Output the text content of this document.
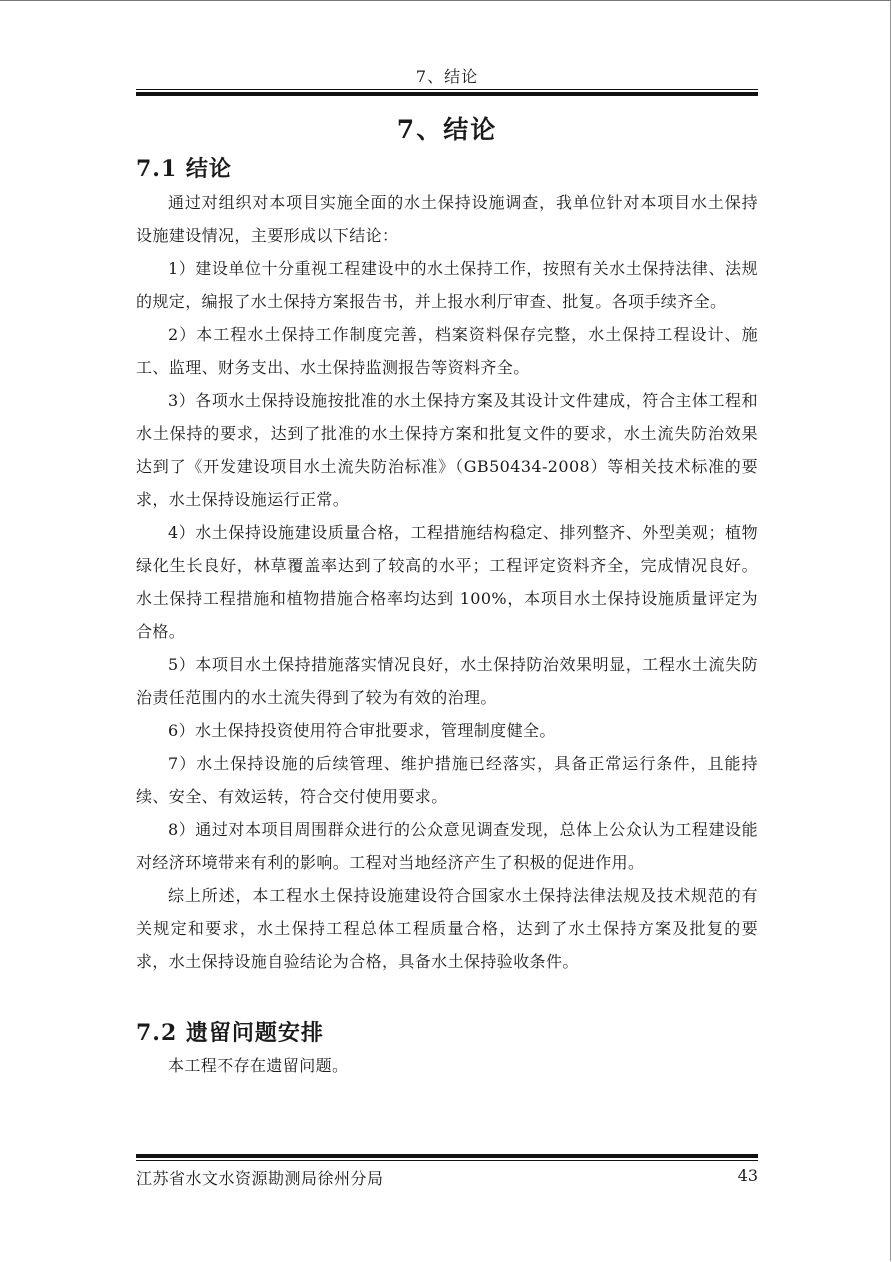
7、结论
7、结论
7.1 结论

通过对组织对本项目实施全面的水土保持设施调查，我单位针对本项目水土保持设施建设情况，主要形成以下结论：

1）建设单位十分重视工程建设中的水土保持工作，按照有关水土保持法律、法规的规定，编报了水土保持方案报告书，并上报水利厅审查、批复。各项手续齐全。

2）本工程水土保持工作制度完善，档案资料保存完整，水土保持工程设计、施工、监理、财务支出、水土保持监测报告等资料齐全。

3）各项水土保持设施按批准的水土保持方案及其设计文件建成，符合主体工程和水土保持的要求，达到了批准的水土保持方案和批复文件的要求，水土流失防治效果达到了《开发建设项目水土流失防治标准》（GB50434-2008）等相关技术标准的要求，水土保持设施运行正常。

4）水土保持设施建设质量合格，工程措施结构稳定、排列整齐、外型美观；植物绿化生长良好，林草覆盖率达到了较高的水平；工程评定资料齐全，完成情况良好。水土保持工程措施和植物措施合格率均达到 100%，本项目水土保持设施质量评定为合格。

5）本项目水土保持措施落实情况良好，水土保持防治效果明显，工程水土流失防治责任范围内的水土流失得到了较为有效的治理。

6）水土保持投资使用符合审批要求，管理制度健全。

7）水土保持设施的后续管理、维护措施已经落实，具备正常运行条件，且能持续、安全、有效运转，符合交付使用要求。

8）通过对本项目周围群众进行的公众意见调查发现，总体上公众认为工程建设能对经济环境带来有利的影响。工程对当地经济产生了积极的促进作用。

综上所述，本工程水土保持设施建设符合国家水土保持法律法规及技术规范的有关规定和要求，水土保持工程总体工程质量合格，达到了水土保持方案及批复的要求，水土保持设施自验结论为合格，具备水土保持验收条件。

7.2 遗留问题安排

本工程不存在遗留问题。

江苏省水文水资源勘测局徐州分局	43
